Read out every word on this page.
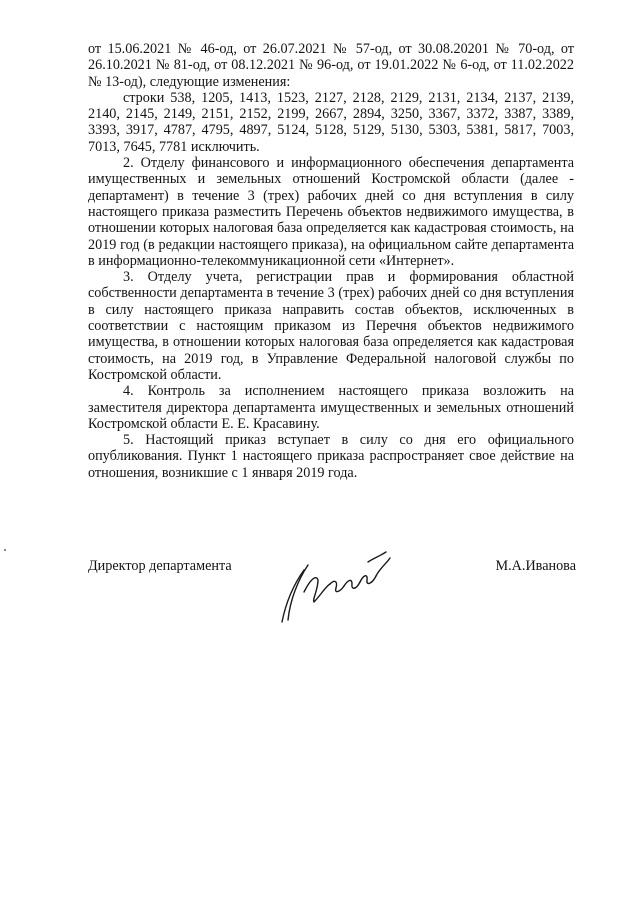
от 15.06.2021 № 46-од, от 26.07.2021 № 57-од, от 30.08.20201 № 70-од, от 26.10.2021 № 81-од, от 08.12.2021 № 96-од, от 19.01.2022 № 6-од, от 11.02.2022 № 13-од), следующие изменения:

строки 538, 1205, 1413, 1523, 2127, 2128, 2129, 2131, 2134, 2137, 2139, 2140, 2145, 2149, 2151, 2152, 2199, 2667, 2894, 3250, 3367, 3372, 3387, 3389, 3393, 3917, 4787, 4795, 4897, 5124, 5128, 5129, 5130, 5303, 5381, 5817, 7003, 7013, 7645, 7781 исключить.

2. Отделу финансового и информационного обеспечения департамента имущественных и земельных отношений Костромской области (далее - департамент) в течение 3 (трех) рабочих дней со дня вступления в силу настоящего приказа разместить Перечень объектов недвижимого имущества, в отношении которых налоговая база определяется как кадастровая стоимость, на 2019 год (в редакции настоящего приказа), на официальном сайте департамента в информационно-телекоммуникационной сети «Интернет».

3. Отделу учета, регистрации прав и формирования областной собственности департамента в течение 3 (трех) рабочих дней со дня вступления в силу настоящего приказа направить состав объектов, исключенных в соответствии с настоящим приказом из Перечня объектов недвижимого имущества, в отношении которых налоговая база определяется как кадастровая стоимость, на 2019 год, в Управление Федеральной налоговой службы по Костромской области.

4. Контроль за исполнением настоящего приказа возложить на заместителя директора департамента имущественных и земельных отношений Костромской области Е. Е. Красавину.

5. Настоящий приказ вступает в силу со дня его официального опубликования. Пункт 1 настоящего приказа распространяет свое действие на отношения, возникшие с 1 января 2019 года.

Директор департамента	М.А.Иванова
